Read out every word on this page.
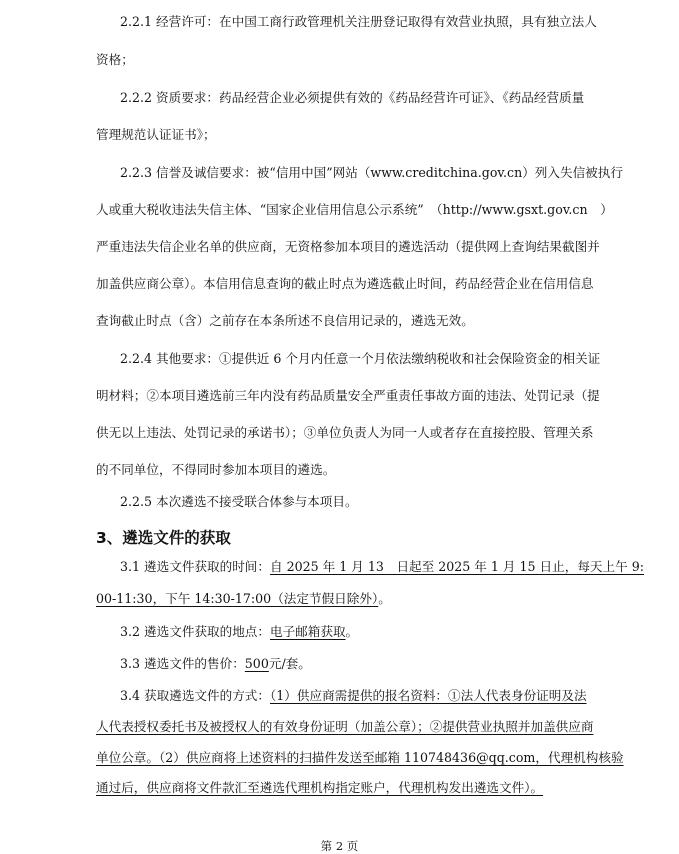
2.2.1 经营许可：在中国工商行政管理机关注册登记取得有效营业执照，具有独立法人
资格；
2.2.2 资质要求：药品经营企业必须提供有效的《药品经营许可证》、《药品经营质量
管理规范认证证书》；
2.2.3 信誉及诚信要求：被“信用中国”网站（www.creditchina.gov.cn）列入失信被执行
人或重大税收违法失信主体、“国家企业信用信息公示系统”　（http://www.gsxt.gov.cn　）
严重违法失信企业名单的供应商，无资格参加本项目的遴选活动（提供网上查询结果截图并
加盖供应商公章）。本信用信息查询的截止时点为遴选截止时间，药品经营企业在信用信息
查询截止时点（含）之前存在本条所述不良信用记录的，遴选无效。
2.2.4 其他要求：①提供近 6 个月内任意一个月依法缴纳税收和社会保险资金的相关证
明材料；②本项目遴选前三年内没有药品质量安全严重责任事故方面的违法、处罚记录（提
供无以上违法、处罚记录的承诺书）；③单位负责人为同一人或者存在直接控股、管理关系
的不同单位，不得同时参加本项目的遴选。
2.2.5 本次遴选不接受联合体参与本项目。
3、遴选文件的获取
3.1 遴选文件获取的时间：自 2025 年 1 月 13　日起至 2025 年 1 月 15 日止，每天上午 9:
00-11:30，下午 14:30-17:00（法定节假日除外）。
3.2 遴选文件获取的地点：电子邮箱获取。
3.3 遴选文件的售价：500元/套。
3.4 获取遴选文件的方式：（1）供应商需提供的报名资料：①法人代表身份证明及法
人代表授权委托书及被授权人的有效身份证明（加盖公章）；②提供营业执照并加盖供应商
单位公章。（2）供应商将上述资料的扫描件发送至邮箱 110748436@qq.com，代理机构核验
通过后，供应商将文件款汇至遴选代理机构指定账户，代理机构发出遴选文件）。
第 2 页
